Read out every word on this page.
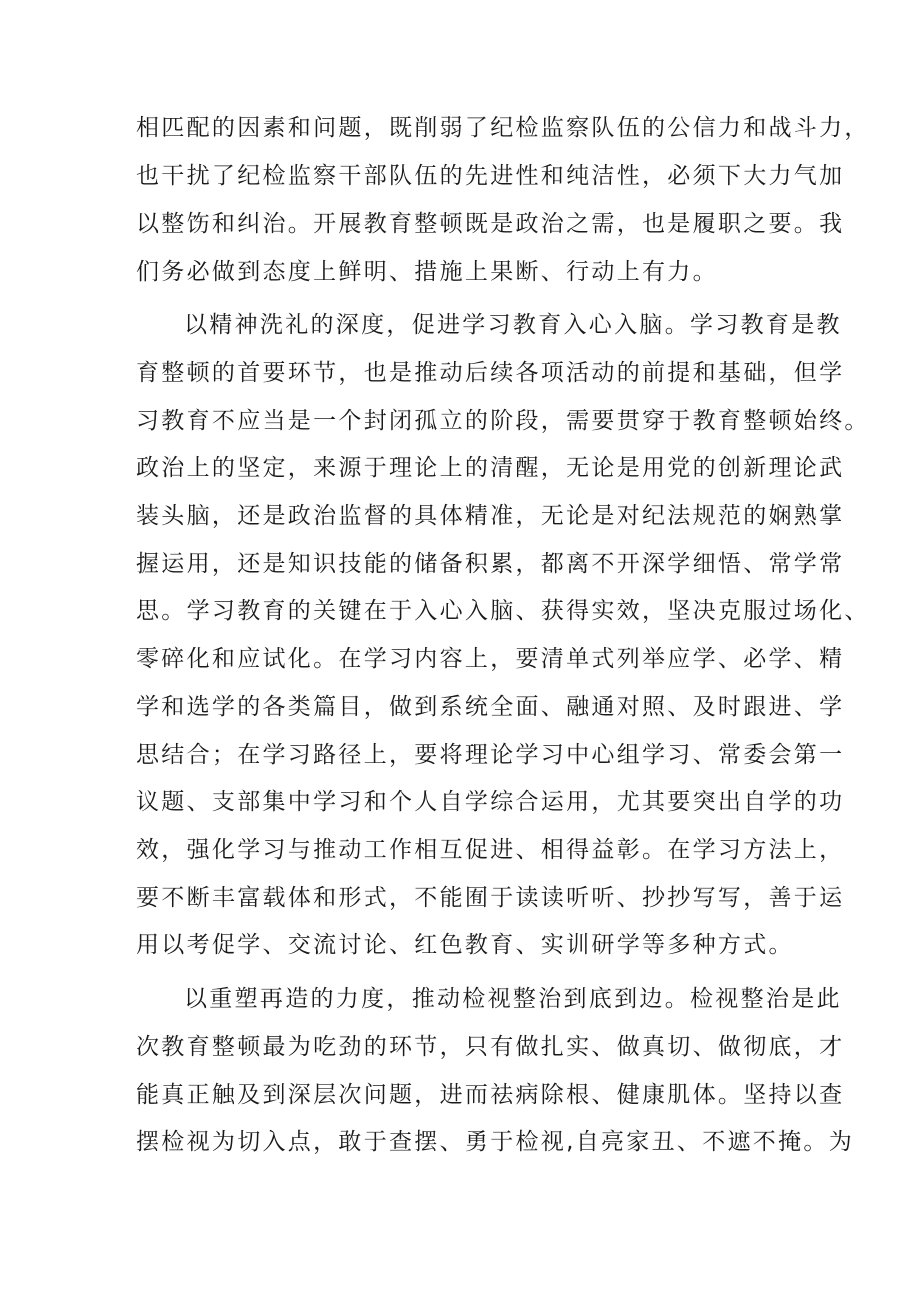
相匹配的因素和问题，既削弱了纪检监察队伍的公信力和战斗力，

也干扰了纪检监察干部队伍的先进性和纯洁性，必须下大力气加

以整饬和纠治。开展教育整顿既是政治之需，也是履职之要。我

们务必做到态度上鲜明、措施上果断、行动上有力。

以精神洗礼的深度，促进学习教育入心入脑。学习教育是教

育整顿的首要环节，也是推动后续各项活动的前提和基础，但学

习教育不应当是一个封闭孤立的阶段，需要贯穿于教育整顿始终。

政治上的坚定，来源于理论上的清醒，无论是用党的创新理论武

装头脑，还是政治监督的具体精准，无论是对纪法规范的娴熟掌

握运用，还是知识技能的储备积累，都离不开深学细悟、常学常

思。学习教育的关键在于入心入脑、获得实效，坚决克服过场化、

零碎化和应试化。在学习内容上，要清单式列举应学、必学、精

学和选学的各类篇目，做到系统全面、融通对照、及时跟进、学

思结合；在学习路径上，要将理论学习中心组学习、常委会第一

议题、支部集中学习和个人自学综合运用，尤其要突出自学的功

效，强化学习与推动工作相互促进、相得益彰。在学习方法上，

要不断丰富载体和形式，不能囿于读读听听、抄抄写写，善于运

用以考促学、交流讨论、红色教育、实训研学等多种方式。

以重塑再造的力度，推动检视整治到底到边。检视整治是此

次教育整顿最为吃劲的环节，只有做扎实、做真切、做彻底，才

能真正触及到深层次问题，进而祛病除根、健康肌体。坚持以查

摆检视为切入点，敢于查摆、勇于检视,自亮家丑、不遮不掩。为
